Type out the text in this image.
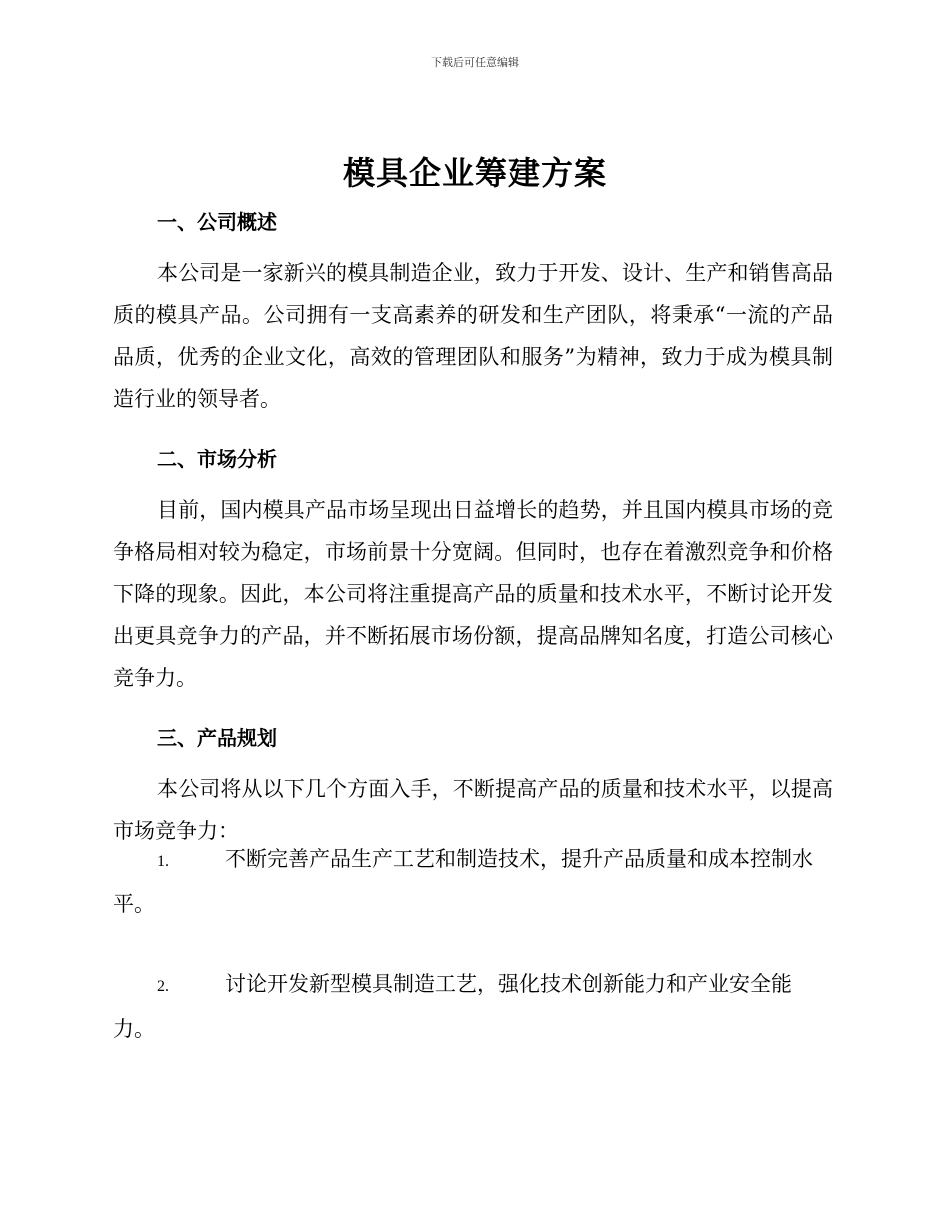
下载后可任意编辑
模具企业筹建方案
一、公司概述

本公司是一家新兴的模具制造企业，致力于开发、设计、生产和销售高品质的模具产品。公司拥有一支高素养的研发和生产团队，将秉承“一流的产品品质，优秀的企业文化，高效的管理团队和服务”为精神，致力于成为模具制造行业的领导者。

二、市场分析

目前，国内模具产品市场呈现出日益增长的趋势，并且国内模具市场的竞争格局相对较为稳定，市场前景十分宽阔。但同时，也存在着激烈竞争和价格下降的现象。因此，本公司将注重提高产品的质量和技术水平，不断讨论开发出更具竞争力的产品，并不断拓展市场份额，提高品牌知名度，打造公司核心竞争力。

三、产品规划

本公司将从以下几个方面入手，不断提高产品的质量和技术水平，以提高市场竞争力：

1.	不断完善产品生产工艺和制造技术，提升产品质量和成本控制水平。

2.	讨论开发新型模具制造工艺，强化技术创新能力和产业安全能力。
